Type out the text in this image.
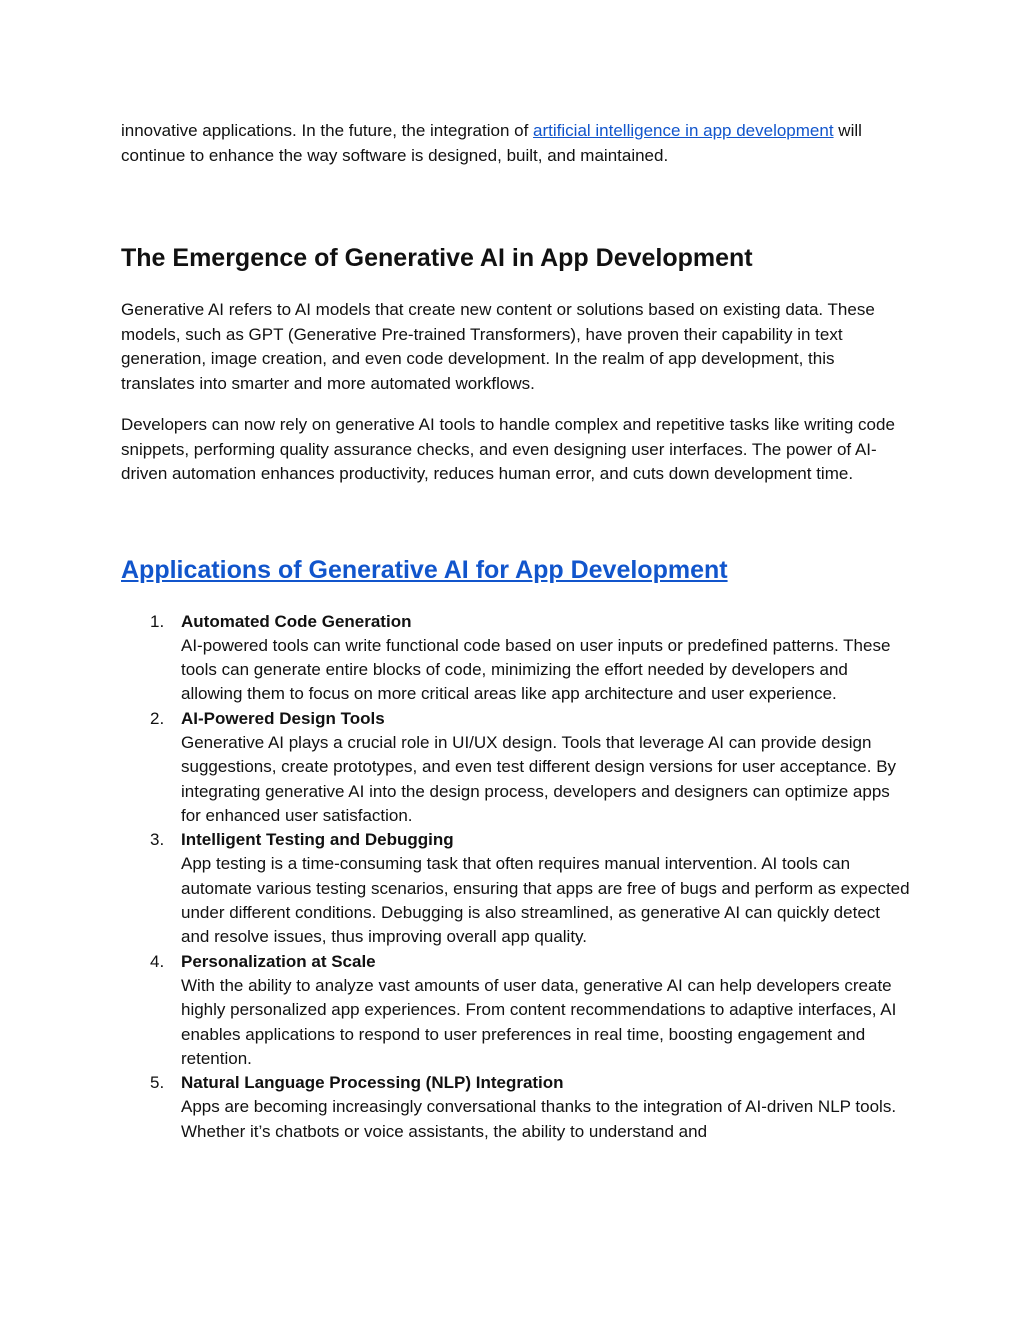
innovative applications. In the future, the integration of artificial intelligence in app development will continue to enhance the way software is designed, built, and maintained.

The Emergence of Generative AI in App Development

Generative AI refers to AI models that create new content or solutions based on existing data. These models, such as GPT (Generative Pre-trained Transformers), have proven their capability in text generation, image creation, and even code development. In the realm of app development, this translates into smarter and more automated workflows.

Developers can now rely on generative AI tools to handle complex and repetitive tasks like writing code snippets, performing quality assurance checks, and even designing user interfaces. The power of AI-driven automation enhances productivity, reduces human error, and cuts down development time.

Applications of Generative AI for App Development
1. Automated Code Generation
AI-powered tools can write functional code based on user inputs or predefined patterns. These tools can generate entire blocks of code, minimizing the effort needed by developers and allowing them to focus on more critical areas like app architecture and user experience.
2. AI-Powered Design Tools
Generative AI plays a crucial role in UI/UX design. Tools that leverage AI can provide design suggestions, create prototypes, and even test different design versions for user acceptance. By integrating generative AI into the design process, developers and designers can optimize apps for enhanced user satisfaction.
3. Intelligent Testing and Debugging
App testing is a time-consuming task that often requires manual intervention. AI tools can automate various testing scenarios, ensuring that apps are free of bugs and perform as expected under different conditions. Debugging is also streamlined, as generative AI can quickly detect and resolve issues, thus improving overall app quality.
4. Personalization at Scale
With the ability to analyze vast amounts of user data, generative AI can help developers create highly personalized app experiences. From content recommendations to adaptive interfaces, AI enables applications to respond to user preferences in real time, boosting engagement and retention.
5. Natural Language Processing (NLP) Integration
Apps are becoming increasingly conversational thanks to the integration of AI-driven NLP tools. Whether it’s chatbots or voice assistants, the ability to understand and
